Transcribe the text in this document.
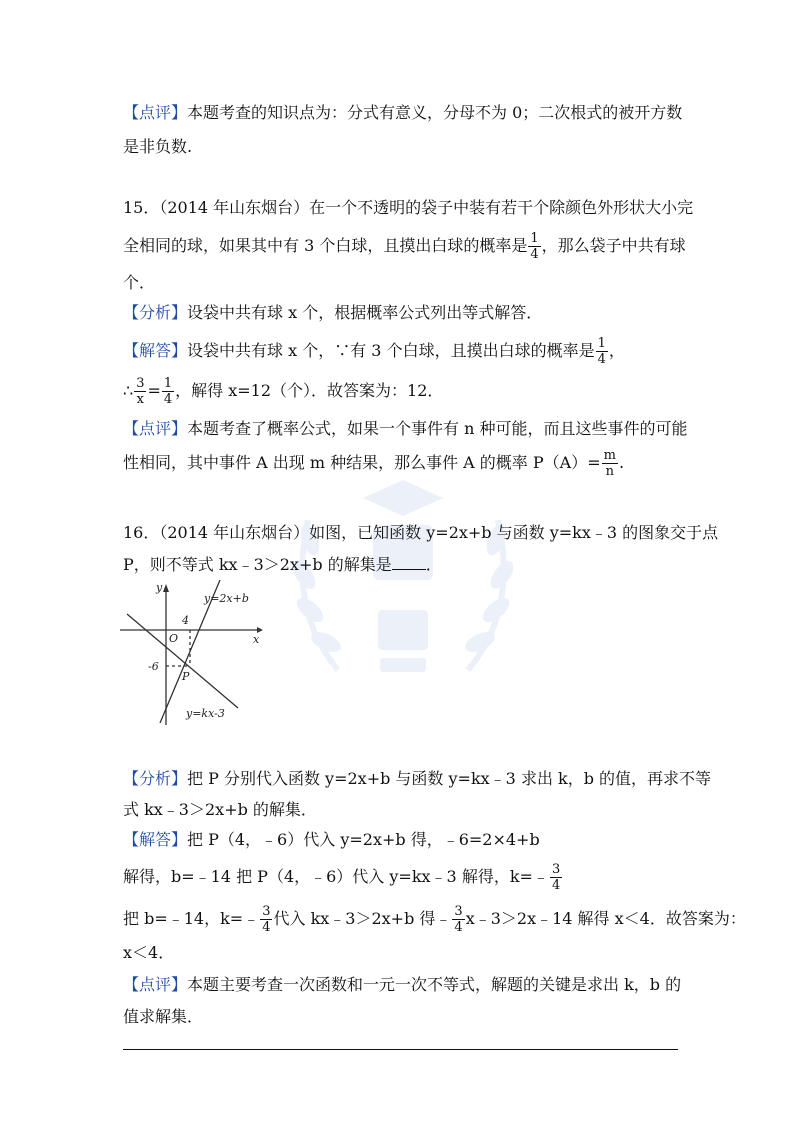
【点评】本题考查的知识点为：分式有意义，分母不为 0；二次根式的被开方数
是非负数.
15．（2014 年山东烟台）在一个不透明的袋子中装有若干个除颜色外形状大小完
全相同的球，如果其中有 3 个白球，且摸出白球的概率是 $\frac{1}{4}$ ，那么袋子中共有球
个．
【分析】设袋中共有球 x 个，根据概率公式列出等式解答．
【解答】设袋中共有球 x 个，∵有 3 个白球，且摸出白球的概率是 $\frac{1}{4}$ ，
∴ $\frac{3}{x} = \frac{1}{4}$ ，解得 x=12（个）．故答案为：12．
【点评】本题考查了概率公式，如果一个事件有 n 种可能，而且这些事件的可能
性相同，其中事件 A 出现 m 种结果，那么事件 A 的概率 $P(A)= \frac{m}{n}$ .
16．（2014 年山东烟台）如图，已知函数 y=2x+b 与函数 y=kx﹣3 的图象交于点
P，则不等式 kx﹣3＞2x+b 的解集是 ．
y
x
y=2x+b
y=kx-3
O
4
-6
P
【分析】把 P 分别代入函数 y=2x+b 与函数 y=kx﹣3 求出 k，b 的值，再求不等
式 kx﹣3＞2x+b 的解集．
【解答】把 P（4，﹣6）代入 y=2x+b 得，﹣6=2×4+b
解得，b=﹣14 把 P（4，﹣6）代入 y=kx﹣3 解得，k=﹣ $\frac{3}{4}$
把 b=﹣14，k=﹣ $\frac{3}{4}$ 代入 kx﹣3＞2x+b 得﹣ $\frac{3}{4}$ x﹣3＞2x﹣14 解得 x＜4．故答案为：
x＜4．
【点评】本题主要考查一次函数和一元一次不等式，解题的关键是求出 k，b 的
值求解集．
